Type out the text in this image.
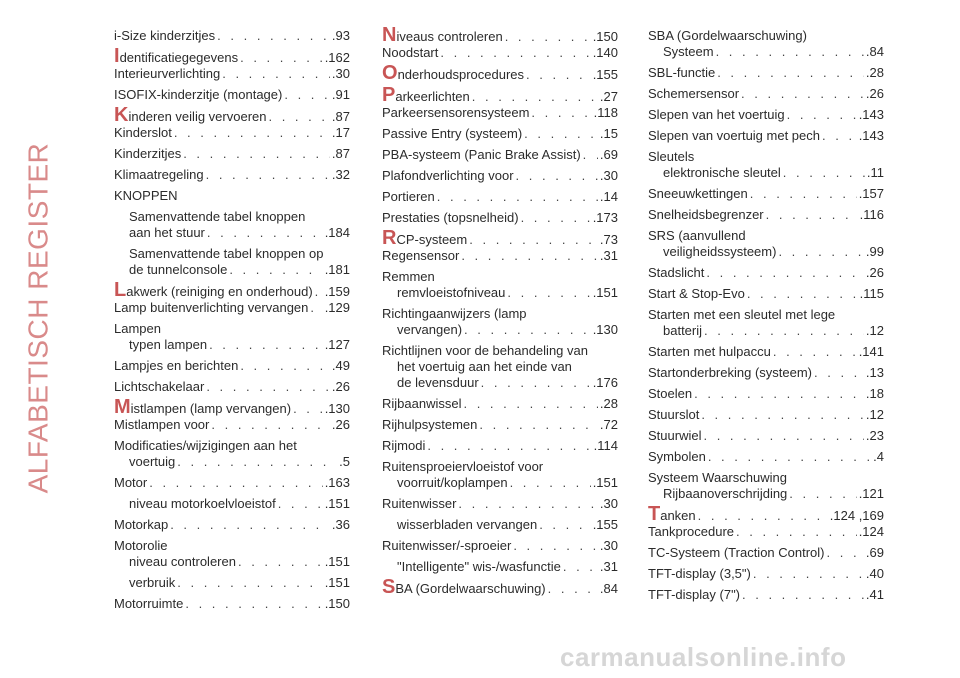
ALFABETISCH REGISTER
i-Size kinderzitjes . . .	.93
I dentificatiegegevens . . .	.162
Interieurverlichting . . .	.30
ISOFIX-kinderzitje (montage) . . .	.91
K inderen veilig vervoeren . . .	.87
Kinderslot . . .	.17
Kinderzitjes . . .	.87
Klimaatregeling . . .	.32
KNOPPEN
Samenvattende tabel knoppen
aan het stuur . . .	.184
Samenvattende tabel knoppen op
de tunnelconsole . . .	.181
L akwerk (reiniging en onderhoud) . . . .159
Lamp buitenverlichting vervangen . . . .129
Lampen
typen lampen . . .	.127
Lampjes en berichten . . .	.49
Lichtschakelaar . . .	.26
M istlampen (lamp vervangen) . . .	.130
Mistlampen voor . . .	.26
Modificaties/wijzigingen aan het
voertuig . . .	.5
Motor . . .	.163
niveau motorkoelvloeistof . . .	.151
Motorkap . . .	.36
Motorolie
niveau controleren . . .	.151
verbruik . . .	.151
Motorruimte . . .	.150
N iveaus controleren . . .	.150
Noodstart . . .	.140
O nderhoudsprocedures . . .	.155
P arkeerlichten . . .	.27
Parkeersensorensysteem . . .	.118
Passive Entry (systeem) . . .	.15
PBA-systeem (Panic Brake Assist) . . . .69
Plafondverlichting voor . . .	.30
Portieren . . .	.14
Prestaties (topsnelheid) . . .	.173
R CP-systeem . . .	.73
Regensensor . . .	.31
Remmen
remvloeistofniveau . . .	.151
Richtingaanwijzers (lamp
vervangen) . . .	.130
Richtlijnen voor de behandeling van
het voertuig aan het einde van
de levensduur . . .	.176
Rijbaanwissel . . .	.28
Rijhulpsystemen . . .	.72
Rijmodi . . .	.114
Ruitensproeiervloeistof voor
voorruit/koplampen . . .	.151
Ruitenwisser . . .	.30
wisserbladen vervangen . . .	.155
Ruitenwisser/-sproeier . . .	.30
"Intelligente" wis-/wasfunctie . . .	.31
S BA (Gordelwaarschuwing) . . .	.84
SBA (Gordelwaarschuwing)
Systeem . . .	.84
SBL-functie . . .	.28
Schemersensor . . .	.26
Slepen van het voertuig . . .	.143
Slepen van voertuig met pech . . .	.143
Sleutels
elektronische sleutel . . .	.11
Sneeuwkettingen . . .	.157
Snelheidsbegrenzer . . .	.116
SRS (aanvullend
veiligheidssysteem) . . .	.99
Stadslicht . . .	.26
Start & Stop-Evo . . .	.115
Starten met een sleutel met lege
batterij . . .	.12
Starten met hulpaccu . . .	.141
Startonderbreking (systeem) . . .	.13
Stoelen . . .	.18
Stuurslot . . .	.12
Stuurwiel . . .	.23
Symbolen . . .	.4
Systeem Waarschuwing
Rijbaanoverschrijding . . .	.121
T anken . . .	.124 ,169
Tankprocedure . . .	.124
TC-Systeem (Traction Control) . . .	.69
TFT-display (3,5") . . .	.40
TFT-display (7") . . .	.41
carmanualsonline.info
